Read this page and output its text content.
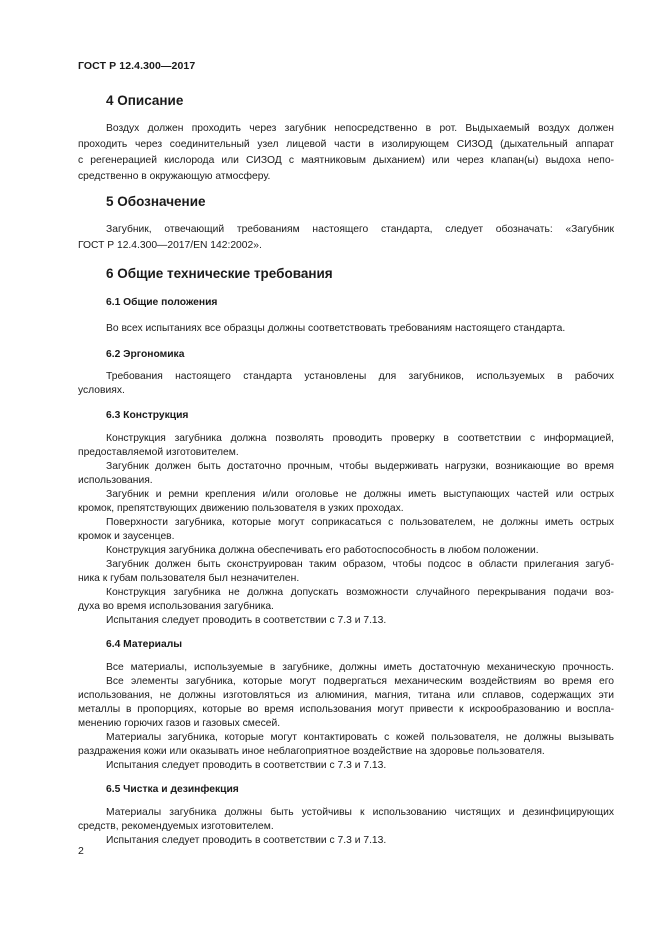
ГОСТ Р 12.4.300—2017
4 Описание
Воздух должен проходить через загубник непосредственно в рот. Выдыхаемый воздух должен
проходить через соединительный узел лицевой части в изолирующем СИЗОД (дыхательный аппарат
с регенерацией кислорода или СИЗОД с маятниковым дыханием) или через клапан(ы) выдоха непо-
средственно в окружающую атмосферу.
5 Обозначение
Загубник, отвечающий требованиям настоящего стандарта, следует обозначать: «Загубник
ГОСТ Р 12.4.300—2017/EN 142:2002».
6 Общие технические требования
6.1 Общие положения
Во всех испытаниях все образцы должны соответствовать требованиям настоящего стандарта.
6.2 Эргономика
Требования настоящего стандарта установлены для загубников, используемых в рабочих
условиях.
6.3 Конструкция
Конструкция загубника должна позволять проводить проверку в соответствии с информацией,
предоставляемой изготовителем.
Загубник должен быть достаточно прочным, чтобы выдерживать нагрузки, возникающие во время
использования.
Загубник и ремни крепления и/или оголовье не должны иметь выступающих частей или острых
кромок, препятствующих движению пользователя в узких проходах.
Поверхности загубника, которые могут соприкасаться с пользователем, не должны иметь острых
кромок и заусенцев.
Конструкция загубника должна обеспечивать его работоспособность в любом положении.
Загубник должен быть сконструирован таким образом, чтобы подсос в области прилегания загуб-
ника к губам пользователя был незначителен.
Конструкция загубника не должна допускать возможности случайного перекрывания подачи воз-
духа во время использования загубника.
Испытания следует проводить в соответствии с 7.3 и 7.13.
6.4 Материалы
Все материалы, используемые в загубнике, должны иметь достаточную механическую прочность.
Все элементы загубника, которые могут подвергаться механическим воздействиям во время его
использования, не должны изготовляться из алюминия, магния, титана или сплавов, содержащих эти
металлы в пропорциях, которые во время использования могут привести к искрообразованию и воспла-
менению горючих газов и газовых смесей.
Материалы загубника, которые могут контактировать с кожей пользователя, не должны вызывать
раздражения кожи или оказывать иное неблагоприятное воздействие на здоровье пользователя.
Испытания следует проводить в соответствии с 7.3 и 7.13.
6.5 Чистка и дезинфекция
Материалы загубника должны быть устойчивы к использованию чистящих и дезинфицирующих
средств, рекомендуемых изготовителем.
Испытания следует проводить в соответствии с 7.3 и 7.13.
2
